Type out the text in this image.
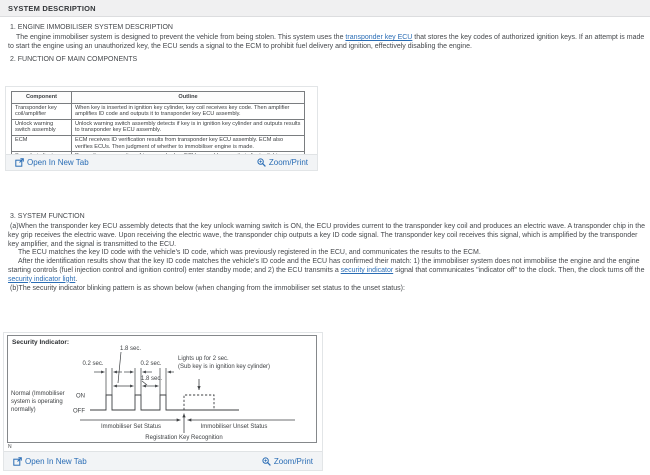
SYSTEM DESCRIPTION
1. ENGINE IMMOBILISER SYSTEM DESCRIPTION
The engine immobiliser system is designed to prevent the vehicle from being stolen. This system uses the transponder key ECU that stores the key codes of authorized ignition keys. If an attempt is made to start the engine using an unauthorized key, the ECU sends a signal to the ECM to prohibit fuel delivery and ignition, effectively disabling the engine.
2. FUNCTION OF MAIN COMPONENTS
Component	Outline
Transponder key coil/amplifier	When key is inserted in ignition key cylinder, key coil receives key code. Then amplifier amplifies ID code and outputs it to transponder key ECU assembly.
Unlock warning switch assembly	Unlock warning switch assembly detects if key is in ignition key cylinder and outputs results to transponder key ECU assembly.
ECM	ECM receives ID verification results from transponder key ECU assembly. ECM also verifies ECUs. Then judgment of whether to immobiliser engine is made.

Open In New Tab	Zoom/Print
3. SYSTEM FUNCTION
(a)When the transponder key ECU assembly detects that the key unlock warning switch is ON, the ECU provides current to the transponder key coil and produces an electric wave. A transponder chip in the key grip receives the electric wave. Upon receiving the electric wave, the transponder chip outputs a key ID code signal. The transponder key coil receives this signal, which is amplified by the transponder key amplifier, and the signal is transmitted to the ECU.
The ECU matches the key ID code with the vehicle's ID code, which was previously registered in the ECU, and communicates the results to the ECM.
After the identification results show that the key ID code matches the vehicle's ID code and the ECU has confirmed their match: 1) the immobiliser system does not immobilise the engine and the engine starting controls (fuel injection control and ignition control) enter standby mode; and 2) the ECU transmits a security indicator signal that communicates "indicator off" to the clock. Then, the clock turns off the security indicator light.
(b)The security indicator blinking pattern is as shown below (when changing from the immobiliser set status to the unset status):
Security Indicator:
1.8 sec.
0.2 sec.	0.2 sec.
1.8 sec.
Lights up for 2 sec.
(Sub key is in ignition key cylinder)
Normal (Immobiliser
system is operating
normally)
ON
OFF
Immobiliser Set Status	Immobiliser Unset Status
Registration Key Recognition
N
Open In New Tab	Zoom/Print
